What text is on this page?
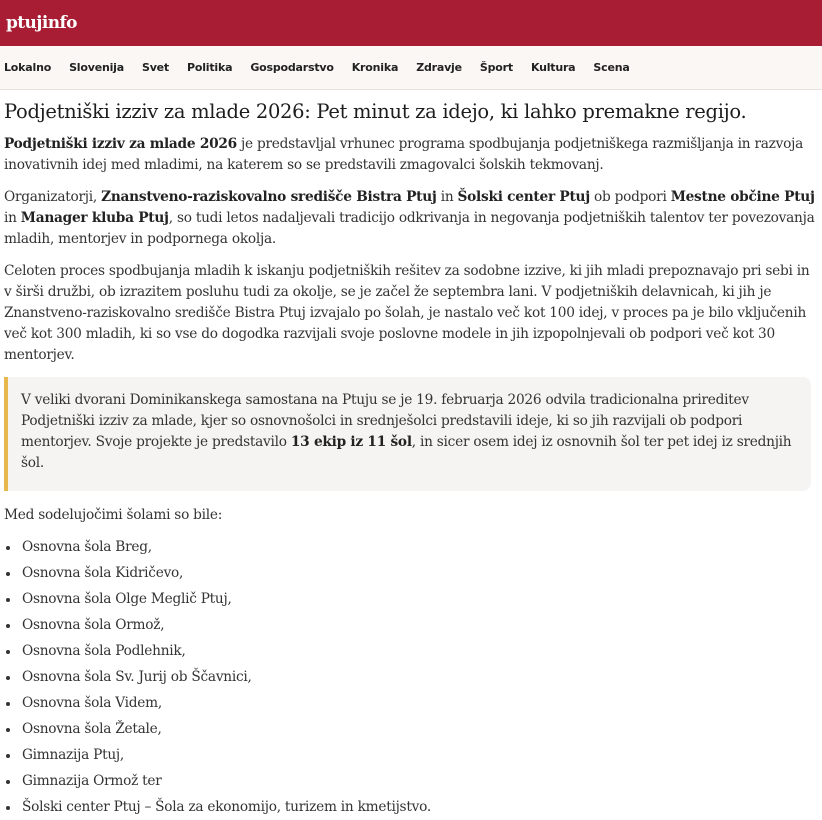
ptujinfo
Lokalno Slovenija Svet Politika Gospodarstvo Kronika Zdravje Šport Kultura Scena
Podjetniški izziv za mlade 2026: Pet minut za idejo, ki lahko premakne regijo.

Podjetniški izziv za mlade 2026 je predstavljal vrhunec programa spodbujanja podjetniškega razmišljanja in razvoja inovativnih idej med mladimi, na katerem so se predstavili zmagovalci šolskih tekmovanj.

Organizatorji, Znanstveno-raziskovalno središče Bistra Ptuj in Šolski center Ptuj ob podpori Mestne občine Ptuj in Manager kluba Ptuj, so tudi letos nadaljevali tradicijo odkrivanja in negovanja podjetniških talentov ter povezovanja mladih, mentorjev in podpornega okolja.

Celoten proces spodbujanja mladih k iskanju podjetniških rešitev za sodobne izzive, ki jih mladi prepoznavajo pri sebi in v širši družbi, ob izrazitem posluhu tudi za okolje, se je začel že septembra lani. V podjetniških delavnicah, ki jih je Znanstveno-raziskovalno središče Bistra Ptuj izvajalo po šolah, je nastalo več kot 100 idej, v proces pa je bilo vključenih več kot 300 mladih, ki so vse do dogodka razvijali svoje poslovne modele in jih izpopolnjevali ob podpori več kot 30 mentorjev.

V veliki dvorani Dominikanskega samostana na Ptuju se je 19. februarja 2026 odvila tradicionalna prireditev Podjetniški izziv za mlade, kjer so osnovnošolci in srednješolci predstavili ideje, ki so jih razvijali ob podpori mentorjev. Svoje projekte je predstavilo 13 ekip iz 11 šol, in sicer osem idej iz osnovnih šol ter pet idej iz srednjih šol.

Med sodelujočimi šolami so bile:

Osnovna šola Breg,
Osnovna šola Kidričevo,
Osnovna šola Olge Meglič Ptuj,
Osnovna šola Ormož,
Osnovna šola Podlehnik,
Osnovna šola Sv. Jurij ob Ščavnici,
Osnovna šola Videm,
Osnovna šola Žetale,
Gimnazija Ptuj,
Gimnazija Ormož ter
Šolski center Ptuj – Šola za ekonomijo, turizem in kmetijstvo.
